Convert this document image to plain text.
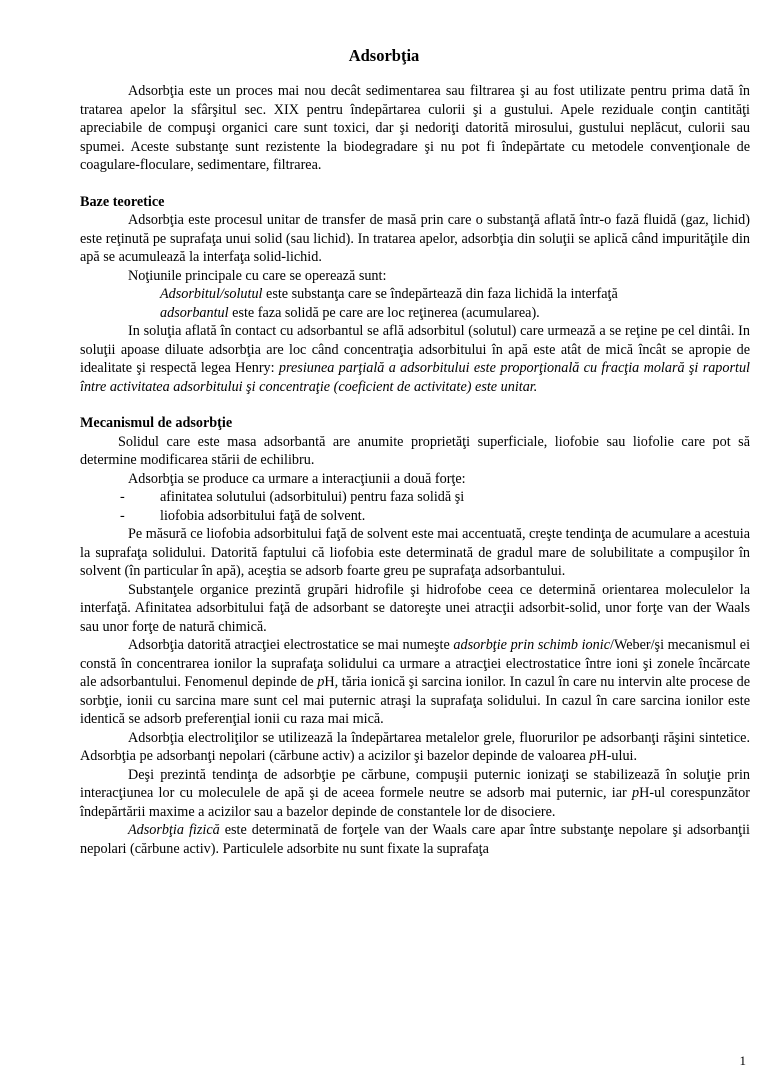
Adsorbţia

Adsorbţia este un proces mai nou decât sedimentarea sau filtrarea şi au fost utilizate pentru prima dată în tratarea apelor la sfârşitul sec. XIX pentru îndepărtarea culorii şi a gustului. Apele reziduale conţin cantităţi apreciabile de compuşi organici care sunt toxici, dar şi nedoriţi datorită mirosului, gustului neplăcut, culorii sau spumei. Aceste substanţe sunt rezistente la biodegradare şi nu pot fi îndepărtate cu metodele convenţionale de coagulare-floculare, sedimentare, filtrarea.

Baze teoretice

Adsorbţia este procesul unitar de transfer de masă prin care o substanţă aflată într-o fază fluidă (gaz, lichid) este reţinută pe suprafaţa unui solid (sau lichid). In tratarea apelor, adsorbţia din soluţii se aplică când impurităţile din apă se acumulează la interfaţa solid-lichid.

Noţiunile principale cu care se operează sunt:

Adsorbitul/solutul este substanţa care se îndepărtează din faza lichidă la interfaţă

adsorbantul este faza solidă pe care are loc reţinerea (acumularea).

In soluţia aflată în contact cu adsorbantul se află adsorbitul (solutul) care urmează a se reţine pe cel dintâi. In soluţii apoase diluate adsorbţia are loc când concentraţia adsorbitului în apă este atât de mică încât se apropie de idealitate şi respectă legea Henry: presiunea parţială a adsorbitului este proporţională cu fracţia molară şi raportul între activitatea adsorbitului şi concentraţie (coeficient de activitate) este unitar.

Mecanismul de adsorbţie

Solidul care este masa adsorbantă are anumite proprietăţi superficiale, liofobie sau liofolie care pot să determine modificarea stării de echilibru.

Adsorbţia se produce ca urmare a interacţiunii a două forţe:

-	afinitatea solutului (adsorbitului) pentru faza solidă şi
-	liofobia adsorbitului faţă de solvent.

Pe măsură ce liofobia adsorbitului faţă de solvent este mai accentuată, creşte tendinţa de acumulare a acestuia la suprafaţa solidului. Datorită faptului că liofobia este determinată de gradul mare de solubilitate a compuşilor în solvent (în particular în apă), aceştia se adsorb foarte greu pe suprafaţa adsorbantului.

Substanţele organice prezintă grupări hidrofile şi hidrofobe ceea ce determină orientarea moleculelor la interfaţă. Afinitatea adsorbitului faţă de adsorbant se datoreşte unei atracţii adsorbit-solid, unor forţe van der Waals sau unor forţe de natură chimică.

Adsorbţia datorită atracţiei electrostatice se mai numeşte adsorbţie prin schimb ionic/Weber/şi mecanismul ei constă în concentrarea ionilor la suprafaţa solidului ca urmare a atracţiei electrostatice între ioni şi zonele încărcate ale adsorbantului. Fenomenul depinde de pH, tăria ionică şi sarcina ionilor. In cazul în care nu intervin alte procese de sorbţie, ionii cu sarcina mare sunt cel mai puternic atraşi la suprafaţa solidului. In cazul în care sarcina ionilor este identică se adsorb preferenţial ionii cu raza mai mică.

Adsorbţia electroliţilor se utilizează la îndepărtarea metalelor grele, fluorurilor pe adsorbanţi răşini sintetice. Adsorbţia pe adsorbanţi nepolari (cărbune activ) a acizilor şi bazelor depinde de valoarea pH-ului.

Deşi prezintă tendinţa de adsorbţie pe cărbune, compuşii puternic ionizaţi se stabilizează în soluţie prin interacţiunea lor cu moleculele de apă şi de aceea formele neutre se adsorb mai puternic, iar pH-ul corespunzător îndepărtării maxime a acizilor sau a bazelor depinde de constantele lor de disociere.

Adsorbţia fizică este determinată de forţele van der Waals care apar între substanţe nepolare şi adsorbanţii nepolari (cărbune activ). Particulele adsorbite nu sunt fixate la suprafaţa

1
